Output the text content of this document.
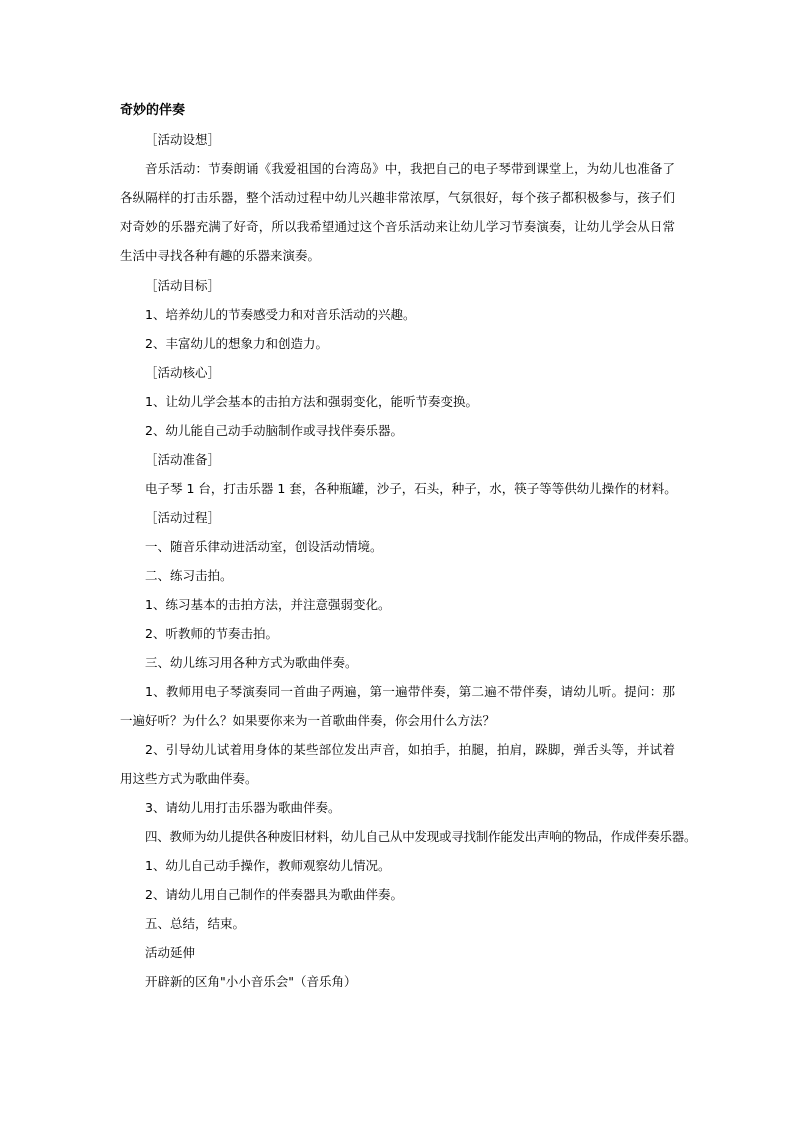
奇妙的伴奏
［活动设想］
音乐活动：节奏朗诵《我爱祖国的台湾岛》中，我把自己的电子琴带到课堂上，为幼儿也准备了各纵隔样的打击乐器，整个活动过程中幼儿兴趣非常浓厚，气氛很好，每个孩子都积极参与，孩子们对奇妙的乐器充满了好奇，所以我希望通过这个音乐活动来让幼儿学习节奏演奏，让幼儿学会从日常生活中寻找各种有趣的乐器来演奏。
［活动目标］
1、培养幼儿的节奏感受力和对音乐活动的兴趣。
2、丰富幼儿的想象力和创造力。
［活动核心］
1、让幼儿学会基本的击拍方法和强弱变化，能听节奏变换。
2、幼儿能自己动手动脑制作或寻找伴奏乐器。
［活动准备］
电子琴 1 台，打击乐器 1 套，各种瓶罐，沙子，石头，种子，水，筷子等等供幼儿操作的材料。
［活动过程］
一、随音乐律动进活动室，创设活动情境。
二、练习击拍。
1、练习基本的击拍方法，并注意强弱变化。
2、听教师的节奏击拍。
三、幼儿练习用各种方式为歌曲伴奏。
1、教师用电子琴演奏同一首曲子两遍，第一遍带伴奏，第二遍不带伴奏，请幼儿听。提问：那一遍好听？为什么？如果要你来为一首歌曲伴奏，你会用什么方法？
2、引导幼儿试着用身体的某些部位发出声音，如拍手，拍腿，拍肩，跺脚，弹舌头等，并试着用这些方式为歌曲伴奏。
3、请幼儿用打击乐器为歌曲伴奏。
四、教师为幼儿提供各种废旧材料，幼儿自己从中发现或寻找制作能发出声响的物品，作成伴奏乐器。
1、幼儿自己动手操作，教师观察幼儿情况。
2、请幼儿用自己制作的伴奏器具为歌曲伴奏。
五、总结，结束。
活动延伸
开辟新的区角"小小音乐会"（音乐角）
